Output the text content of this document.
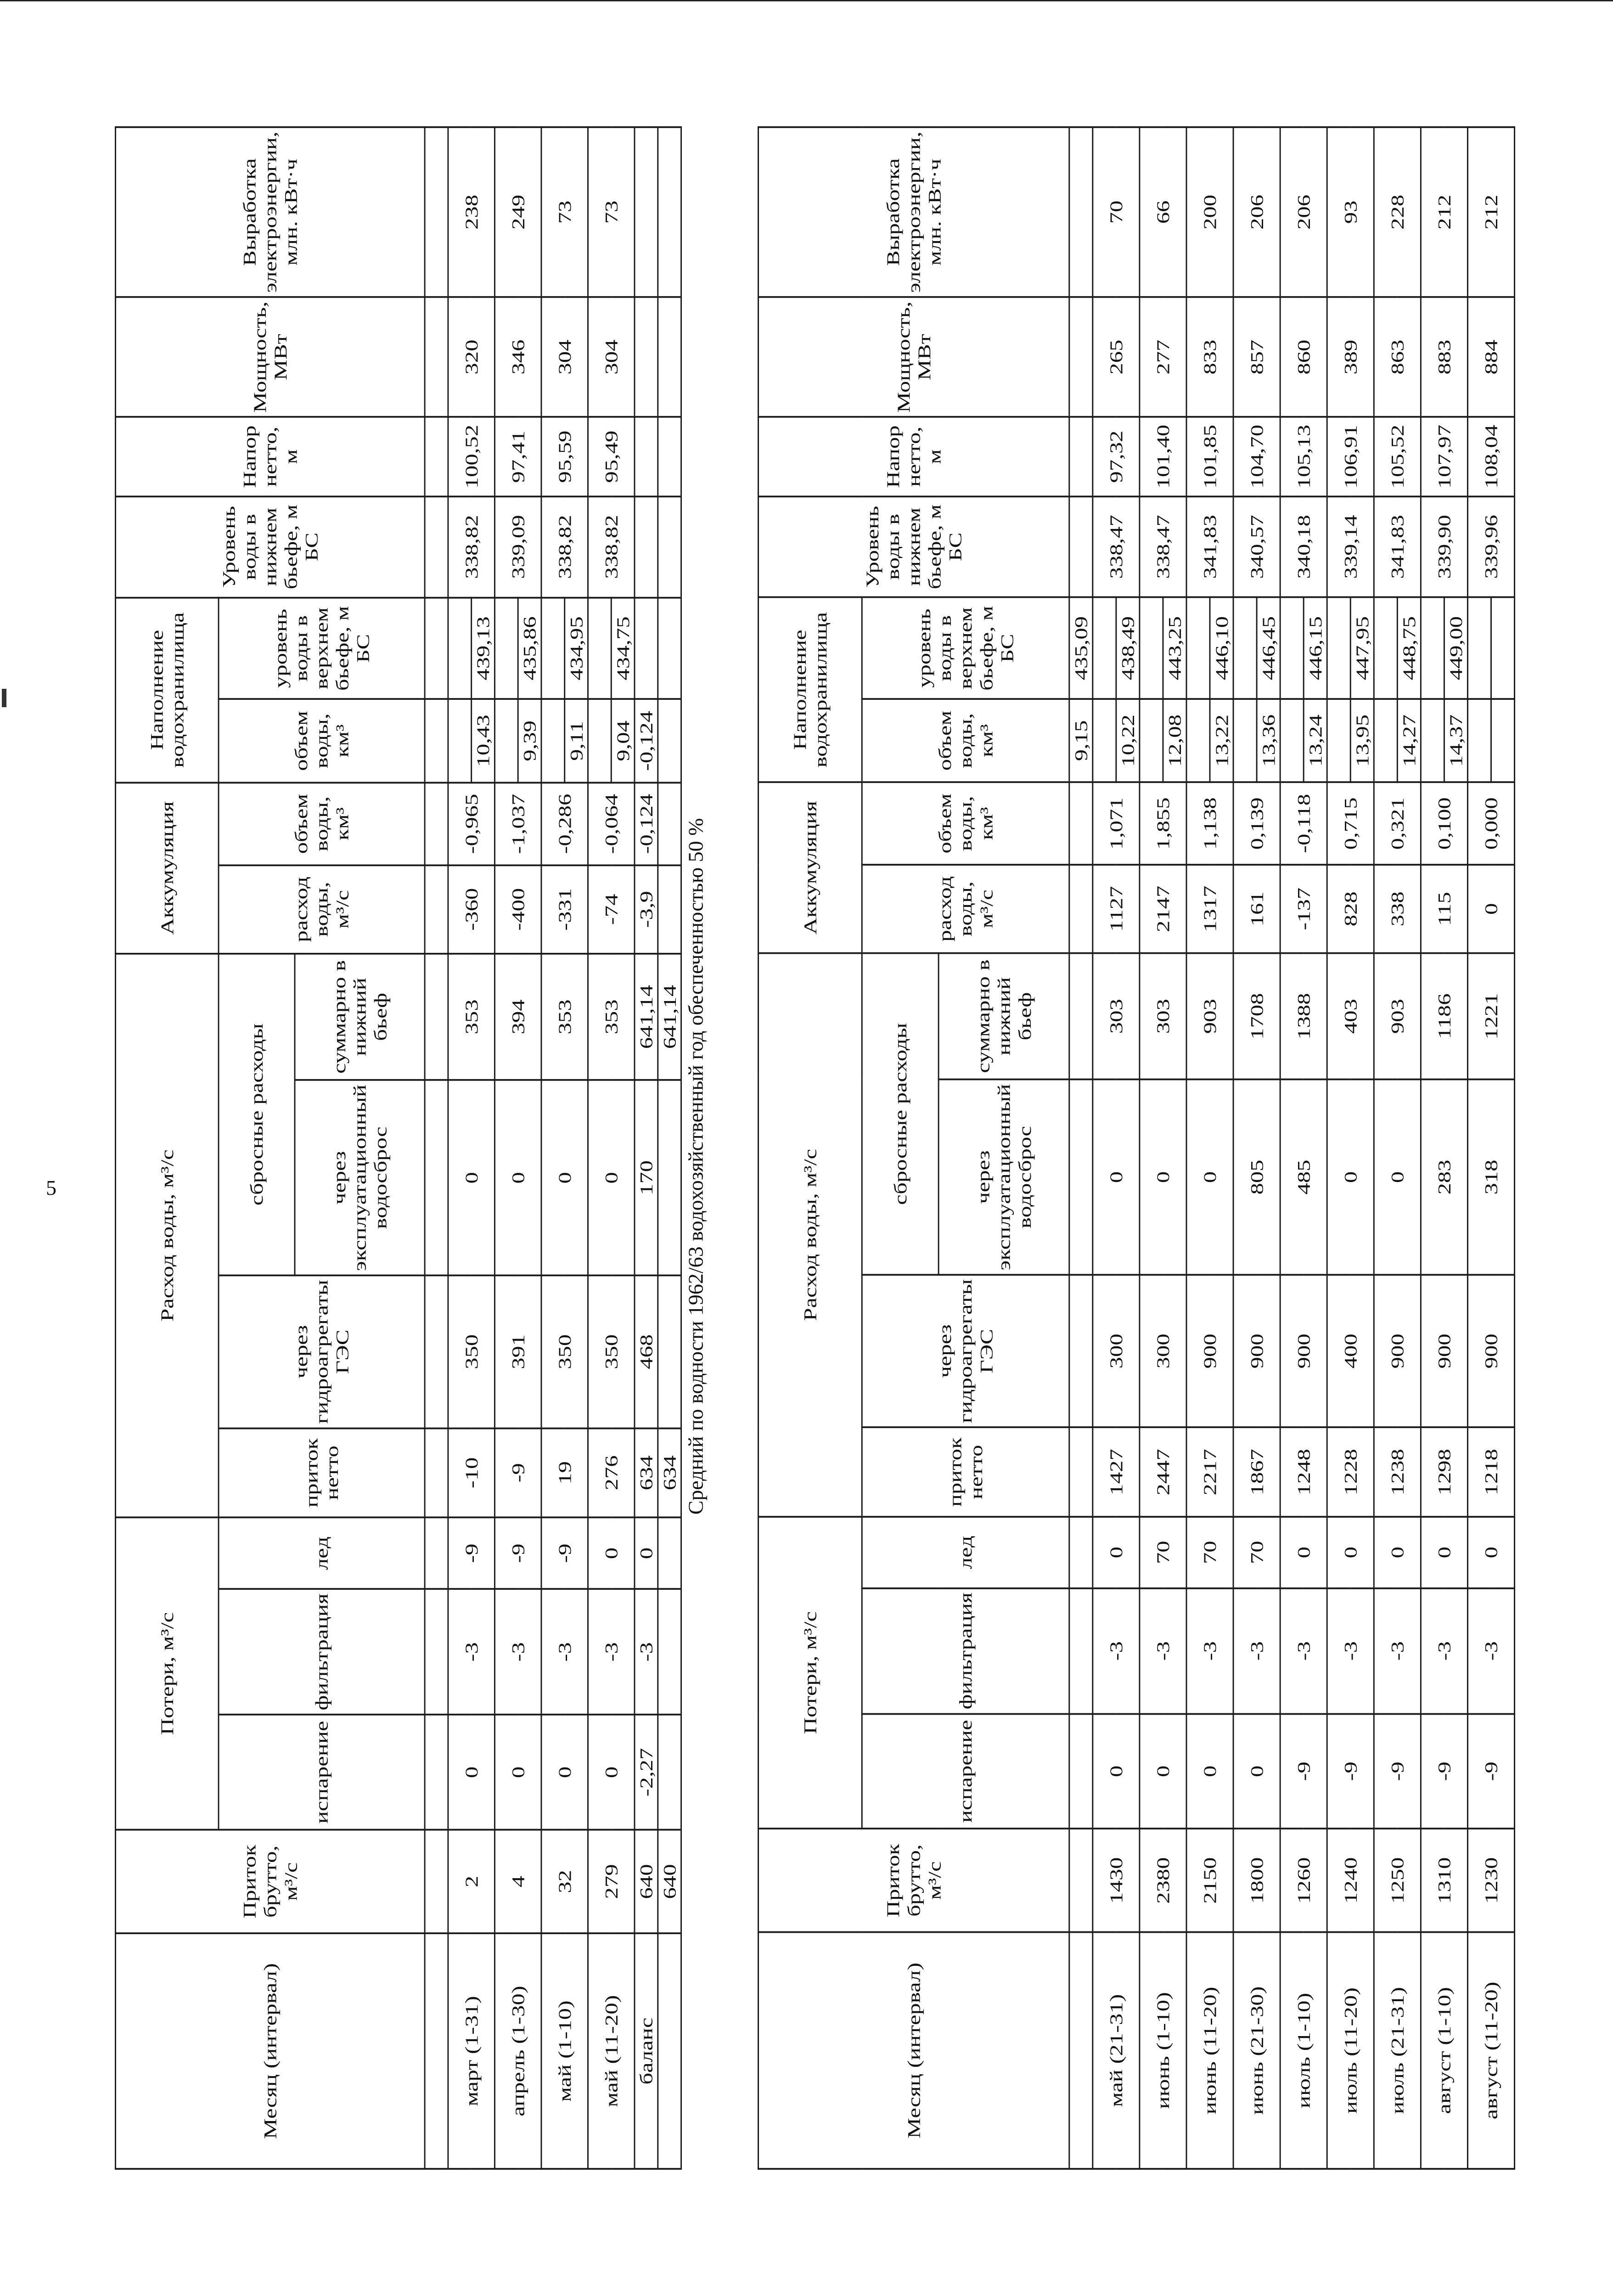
5	Средний по водности 1962/63 водохозяйственный год обеспеченностью 50 %
Месяц (интервал)	Приток брутто, м³/с	Потери, м³/с			Расход воды, м³/с				Аккумуляция		Наполнение водохранилища		Уровень воды в нижнем бьефе, м БС	Напор нетто, м	Мощность, МВт	Выработка электроэнергии, млн. кВт·ч
		испарение	фильтрация	лед	приток нетто	через гидроагрегаты ГЭС	сбросные расходы		расход воды, м³/с	объем воды, км³	объем воды, км³	уровень воды в верхнем бьефе, м БС				
							через эксплуатационный водосброс	суммарно в нижний бьеф								

март (1-31)	2	0	-3	-9	-10	350	0	353	-360	-0,965			338,82	100,52	320	238
											10,43	439,13				
апрель (1-30)	4	0	-3	-9	-9	391	0	394	-400	-1,037			339,09	97,41	346	249
											9,39	435,86				
май (1-10)	32	0	-3	-9	19	350	0	353	-331	-0,286			338,82	95,59	304	73
											9,11	434,95				
май (11-20)	279	0	-3	0	276	350	0	353	-74	-0,064			338,82	95,49	304	73
											9,04	434,75				
баланс	640	-2,27	-3	0	634	468	170	641,14	-3,9	-0,124	-0,124					
	640				634			641,14								
Месяц (интервал)	Приток брутто, м³/с	Потери, м³/с			Расход воды, м³/с				Аккумуляция		Наполнение водохранилища		Уровень воды в нижнем бьефе, м БС	Напор нетто, м	Мощность, МВт	Выработка электроэнергии, млн. кВт·ч
		испарение	фильтрация	лед	приток нетто	через гидроагрегаты ГЭС	сбросные расходы		расход воды, м³/с	объем воды, км³	объем воды, км³	уровень воды в верхнем бьефе, м БС				
							через эксплуатационный водосброс	суммарно в нижний бьеф								
											9,15	435,09				
май (21-31)	1430	0	-3	0	1427	300	0	303	1127	1,071			338,47	97,32	265	70
											10,22	438,49				
июнь (1-10)	2380	0	-3	70	2447	300	0	303	2147	1,855			338,47	101,40	277	66
											12,08	443,25				
июнь (11-20)	2150	0	-3	70	2217	900	0	903	1317	1,138			341,83	101,85	833	200
											13,22	446,10				
июнь (21-30)	1800	0	-3	70	1867	900	805	1708	161	0,139			340,57	104,70	857	206
											13,36	446,45				
июль (1-10)	1260	-9	-3	0	1248	900	485	1388	-137	-0,118			340,18	105,13	860	206
											13,24	446,15				
июль (11-20)	1240	-9	-3	0	1228	400	0	403	828	0,715			339,14	106,91	389	93
											13,95	447,95				
июль (21-31)	1250	-9	-3	0	1238	900	0	903	338	0,321			341,83	105,52	863	228
											14,27	448,75				
август (1-10)	1310	-9	-3	0	1298	900	283	1186	115	0,100			339,90	107,97	883	212
											14,37	449,00				
август (11-20)	1230	-9	-3	0	1218	900	318	1221	0	0,000			339,96	108,04	884	212
